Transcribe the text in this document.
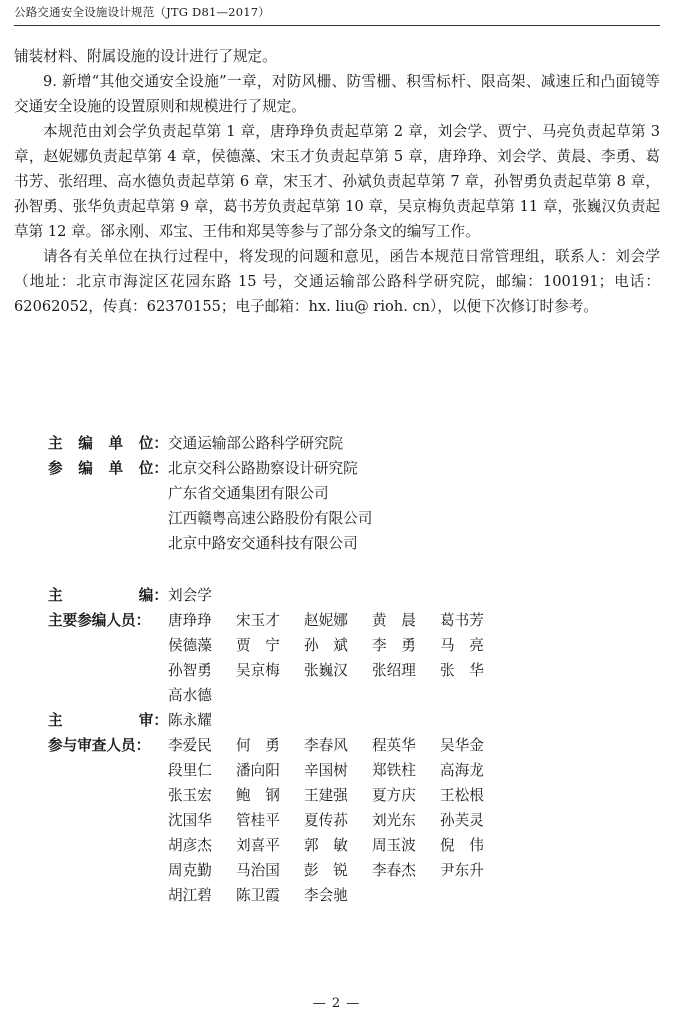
公路交通安全设施设计规范（JTG D81—2017）

铺装材料、附属设施的设计进行了规定。

9. 新增“其他交通安全设施”一章，对防风栅、防雪栅、积雪标杆、限高架、减速丘和凸面镜等交通安全设施的设置原则和规模进行了规定。

本规范由刘会学负责起草第 1 章，唐琤琤负责起草第 2 章，刘会学、贾宁、马亮负责起草第 3 章，赵妮娜负责起草第 4 章，侯德藻、宋玉才负责起草第 5 章，唐琤琤、刘会学、黄晨、李勇、葛书芳、张绍理、高水德负责起草第 6 章，宋玉才、孙斌负责起草第 7 章，孙智勇负责起草第 8 章，孙智勇、张华负责起草第 9 章，葛书芳负责起草第 10 章，吴京梅负责起草第 11 章，张巍汉负责起草第 12 章。郤永刚、邓宝、王伟和郑昊等参与了部分条文的编写工作。

请各有关单位在执行过程中，将发现的问题和意见，函告本规范日常管理组，联系人：刘会学（地址：北京市海淀区花园东路 15 号，交通运输部公路科学研究院，邮编：100191；电话：62062052，传真：62370155；电子邮箱：hx. liu@ rioh. cn），以便下次修订时参考。

主 编 单 位： 交通运输部公路科学研究院
参 编 单 位： 北京交科公路勘察设计研究院
广东省交通集团有限公司
江西赣粤高速公路股份有限公司
北京中路安交通科技有限公司
主	编： 刘会学
主要参编人员：	唐琤琤	宋玉才	赵妮娜	黄　晨	葛书芳
侯德藻	贾　宁	孙　斌	李　勇	马　亮
孙智勇	吴京梅	张巍汉	张绍理	张　华
高水德
主	审： 陈永耀
参与审查人员：	李爱民	何　勇	李春风	程英华	吴华金
段里仁	潘向阳	辛国树	郑铁柱	高海龙
张玉宏	鲍　钢	王建强	夏方庆	王松根
沈国华	管桂平	夏传荪	刘光东	孙芙灵
胡彦杰	刘喜平	郭　敏	周玉波	倪　伟
周克勤	马治国	彭　锐	李春杰	尹东升
胡江碧	陈卫霞	李会驰
— 2 —
